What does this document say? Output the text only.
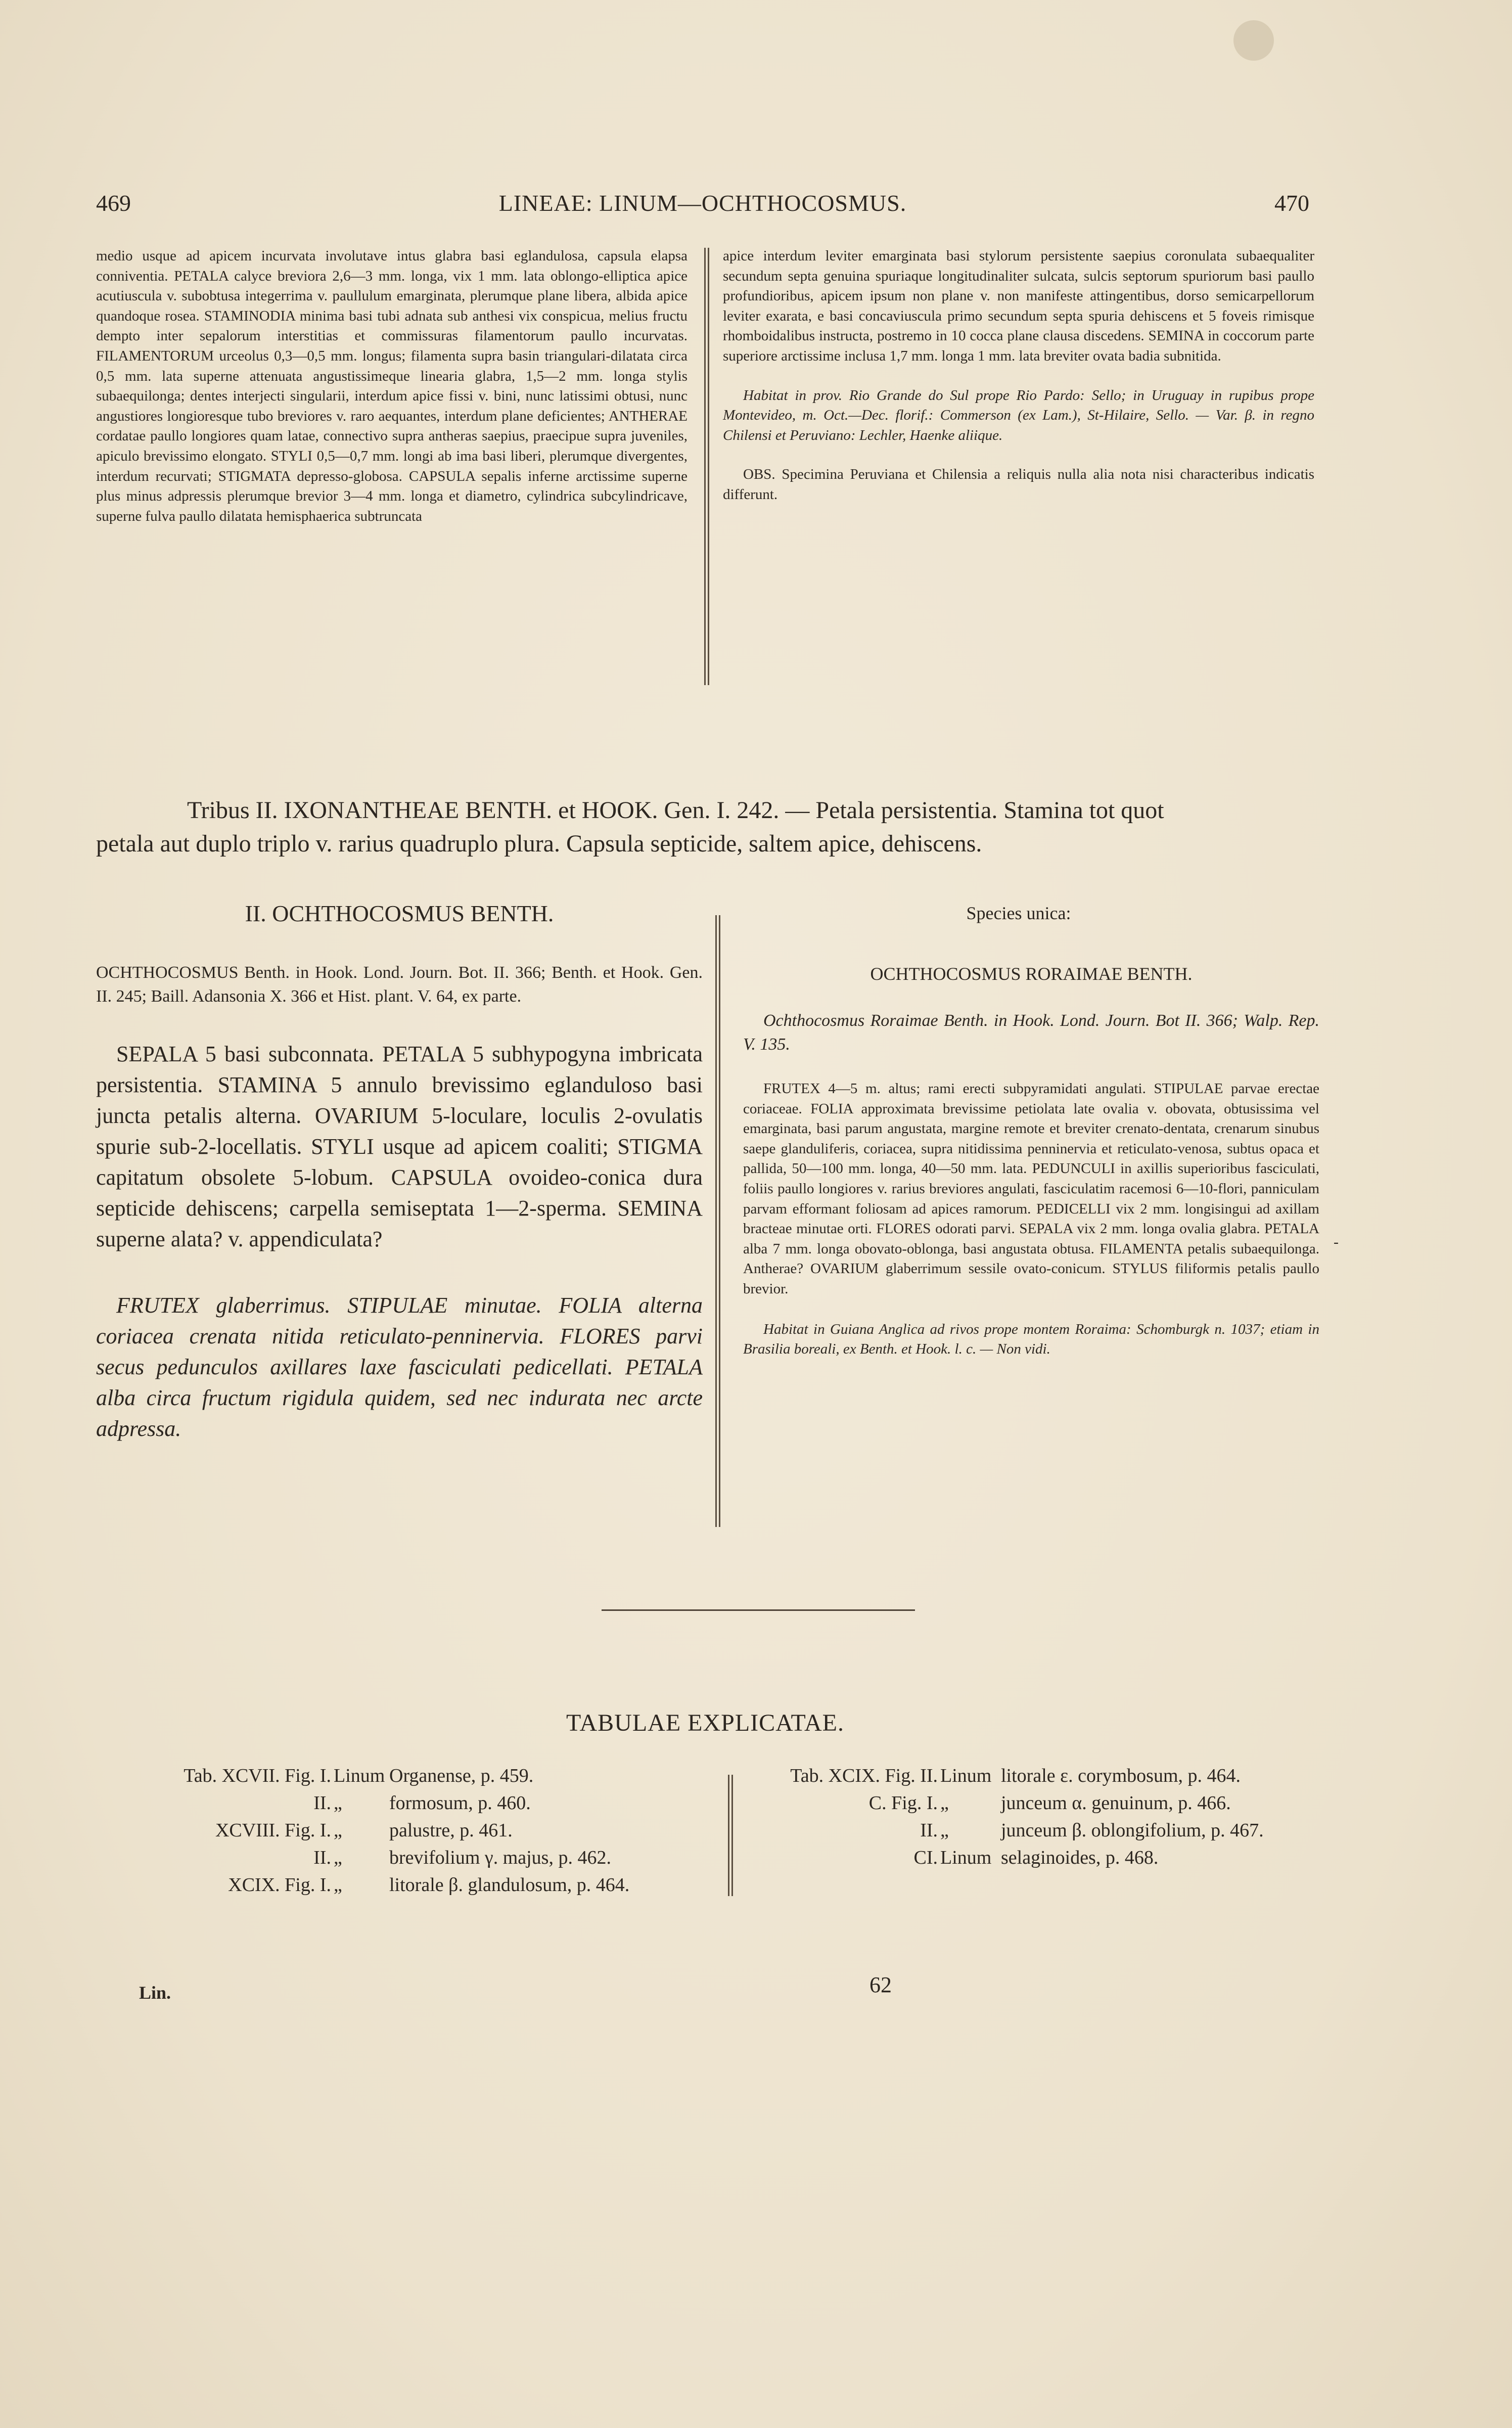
469	LINEAE: LINUM—OCHTHOCOSMUS.	470

medio usque ad apicem incurvata involutave intus glabra basi eglandulosa, capsula elapsa conniventia. PETALA calyce breviora 2,6—3 mm. longa, vix 1 mm. lata oblongo-elliptica apice acutiuscula v. subobtusa integerrima v. paullulum emarginata, plerumque plane libera, albida apice quandoque rosea. STAMINODIA minima basi tubi adnata sub anthesi vix conspicua, melius fructu dempto inter sepalorum interstitias et commissuras filamentorum paullo incurvatas. FILAMENTORUM urceolus 0,3—0,5 mm. longus; filamenta supra basin triangulari-dilatata circa 0,5 mm. lata superne attenuata angustissimeque linearia glabra, 1,5—2 mm. longa stylis subaequilonga; dentes interjecti singularii, interdum apice fissi v. bini, nunc latissimi obtusi, nunc angustiores longioresque tubo breviores v. raro aequantes, interdum plane deficientes; ANTHERAE cordatae paullo longiores quam latae, connectivo supra antheras saepius, praecipue supra juveniles, apiculo brevissimo elongato. STYLI 0,5—0,7 mm. longi ab ima basi liberi, plerumque divergentes, interdum recurvati; STIGMATA depresso-globosa. CAPSULA sepalis inferne arctissime superne plus minus adpressis plerumque brevior 3—4 mm. longa et diametro, cylindrica subcylindricave, superne fulva paullo dilatata hemisphaerica subtruncata

apice interdum leviter emarginata basi stylorum persistente saepius coronulata subaequaliter secundum septa genuina spuriaque longitudinaliter sulcata, sulcis septorum spuriorum basi paullo profundioribus, apicem ipsum non plane v. non manifeste attingentibus, dorso semicarpellorum leviter exarata, e basi concaviuscula primo secundum septa spuria dehiscens et 5 foveis rimisque rhomboidalibus instructa, postremo in 10 cocca plane clausa discedens. SEMINA in coccorum parte superiore arctissime inclusa 1,7 mm. longa 1 mm. lata breviter ovata badia subnitida.

Habitat in prov. Rio Grande do Sul prope Rio Pardo: Sello; in Uruguay in rupibus prope Montevideo, m. Oct.—Dec. florif.: Commerson (ex Lam.), St-Hilaire, Sello. — Var. β. in regno Chilensi et Peruviano: Lechler, Haenke aliique.

OBS. Specimina Peruviana et Chilensia a reliquis nulla alia nota nisi characteribus indicatis differunt.

Tribus II. IXONANTHEAE BENTH. et HOOK. Gen. I. 242. — Petala persistentia. Stamina tot quot

petala aut duplo triplo v. rarius quadruplo plura. Capsula septicide, saltem apice, dehiscens.

II. OCHTHOCOSMUS BENTH.	Species unica:

OCHTHOCOSMUS Benth. in Hook. Lond. Journ. Bot. II. 366; Benth. et Hook. Gen. II. 245; Baill. Adansonia X. 366 et Hist. plant. V. 64, ex parte.

SEPALA 5 basi subconnata. PETALA 5 subhypogyna imbricata persistentia. STAMINA 5 annulo brevissimo eglanduloso basi juncta petalis alterna. OVARIUM 5-loculare, loculis 2-ovulatis spurie sub-2-locellatis. STYLI usque ad apicem coaliti; STIGMA capitatum obsolete 5-lobum. CAPSULA ovoideo-conica dura septicide dehiscens; carpella semiseptata 1—2-sperma. SEMINA superne alata? v. appendiculata?

FRUTEX glaberrimus. STIPULAE minutae. FOLIA alterna coriacea crenata nitida reticulato-penninervia. FLORES parvi secus pedunculos axillares laxe fasciculati pedicellati. PETALA alba circa fructum rigidula quidem, sed nec indurata nec arcte adpressa.

OCHTHOCOSMUS RORAIMAE BENTH.

Ochthocosmus Roraimae Benth. in Hook. Lond. Journ. Bot II. 366; Walp. Rep. V. 135.

FRUTEX 4—5 m. altus; rami erecti subpyramidati angulati. STIPULAE parvae erectae coriaceae. FOLIA approximata brevissime petiolata late ovalia v. obovata, obtusissima vel emarginata, basi parum angustata, margine remote et breviter crenato-dentata, crenarum sinubus saepe glanduliferis, coriacea, supra nitidissima penninervia et reticulato-venosa, subtus opaca et pallida, 50—100 mm. longa, 40—50 mm. lata. PEDUNCULI in axillis superioribus fasciculati, foliis paullo longiores v. rarius breviores angulati, fasciculatim racemosi 6—10-flori, panniculam parvam efformant foliosam ad apices ramorum. PEDICELLI vix 2 mm. longisingui ad axillam bracteae minutae orti. FLORES odorati parvi. SEPALA vix 2 mm. longa ovalia glabra. PETALA alba 7 mm. longa obovato-oblonga, basi angustata obtusa. FILAMENTA petalis subaequilonga. Antherae? OVARIUM glaberrimum sessile ovato-conicum. STYLUS filiformis petalis paullo brevior.

Habitat in Guiana Anglica ad rivos prope montem Roraima: Schomburgk n. 1037; etiam in Brasilia boreali, ex Benth. et Hook. l. c. — Non vidi.

-
TABULAE EXPLICATAE.
Tab. XCVII. Fig. I. Linum Organense, p. 459.
II. „ formosum, p. 460.
XCVIII. Fig. I. „ palustre, p. 461.
II. „ brevifolium γ. majus, p. 462.
XCIX. Fig. I. „ litorale β. glandulosum, p. 464.
Tab. XCIX. Fig. II. Linum litorale ε. corymbosum, p. 464.
C. Fig. I. „	junceum α. genuinum, p. 466.
II. „	junceum β. oblongifolium, p. 467.
CI. Linum selaginoides, p. 468.
Lin.	62
